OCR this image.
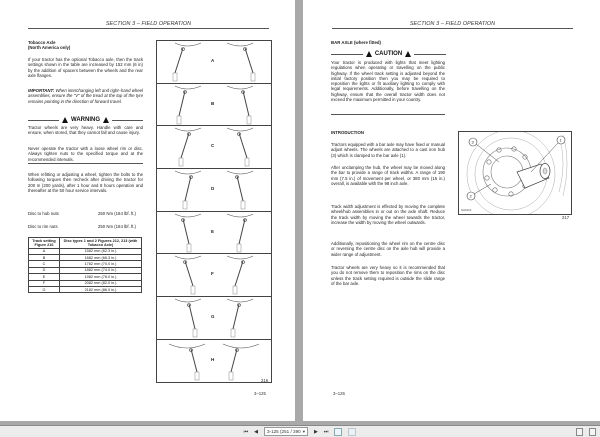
SECTION 3 – FIELD OPERATION
Tobacco Axle
(North America only)
If your tractor has the optional Tobacco axle, then the track settings shown in the table are increased by 152 mm (6 in) by the addition of spacers between the wheels and the rear axle flanges.
IMPORTANT: When interchanging left and right–hand wheel assemblies, ensure the “V” of the tread at the top of the tyre remains pointing in the direction of forward travel.
WARNING
Tractor wheels are very heavy. Handle with care and ensure, when stored, that they cannot fall and cause injury.
Never operate the tractor with a loose wheel rim or disc. Always tighten nuts to the specified torque and at the recommended intervals.
When refitting or adjusting a wheel, tighten the bolts to the following torques then recheck after driving the tractor for 200 m (200 yards), after 1 hour and 8 hours operation and thereafter at the 50 hour service intervals.
Disc to hub nuts	250 Nm (184 lbf. ft.)
Disc to rim nuts	250 Nm (184 lbf. ft.)
Track setting Figure 216	Disc types 1 and 2 Figures 212, 213 (with Tobacco Axle)
A	1582 mm (62.3 in.)
B	1682 mm (66.3 in.)
C	1782 mm (70.0 in.)
D	1882 mm (74.0 in.)
E	1982 mm (78.0 in.)
F	2082 mm (82.0 in.)
G	2182 mm (86.0 in.)
A
B
C
D
E
F
G
H
216
3–125
SECTION 3 – FIELD OPERATION
BAR AXLE (where fitted)
CAUTION
Your tractor is produced with lights that meet lighting regulations when operating or travelling on the public highway. If the wheel track setting is adjusted beyond the initial factory position then you may be required to reposition the lights or fit auxiliary lighting to comply with legal requirements. Additionally, before travelling on the highway, ensure that the overall tractor width does not exceed the maximum permitted in your country.
INTRODUCTION
Tractors equipped with a bar axle may have fixed or manual adjust wheels. The wheels are attached to a cast iron hub (3) which is clamped to the bar axle (1).
After unclamping the hub, the wheel may be moved along the bar to provide a range of track widths. A range of 190 mm (7.5 in.) of movement per wheel, or 380 mm (15 in.) overall, is available with the 98 inch axle.
Track width adjustment is effected by moving the complete wheel/hub assemblies in or out on the axle shaft. Reduce the track width by moving the wheel towards the tractor, increase the width by moving the wheel outwards.
Additionally, repositioning the wheel rim on the centre disc or reversing the centre disc on the axle hub will provide a wider range of adjustment.
Tractor wheels are very heavy so it is recommended that you do not remove them to reposition the rims on the disc unless the track setting required is outside the slide range of the bar axle.
3–126
3	1
2
NH6203
217
⏮ ◀ 3-125 (251 / 390 ▾ ▶ ⏭
